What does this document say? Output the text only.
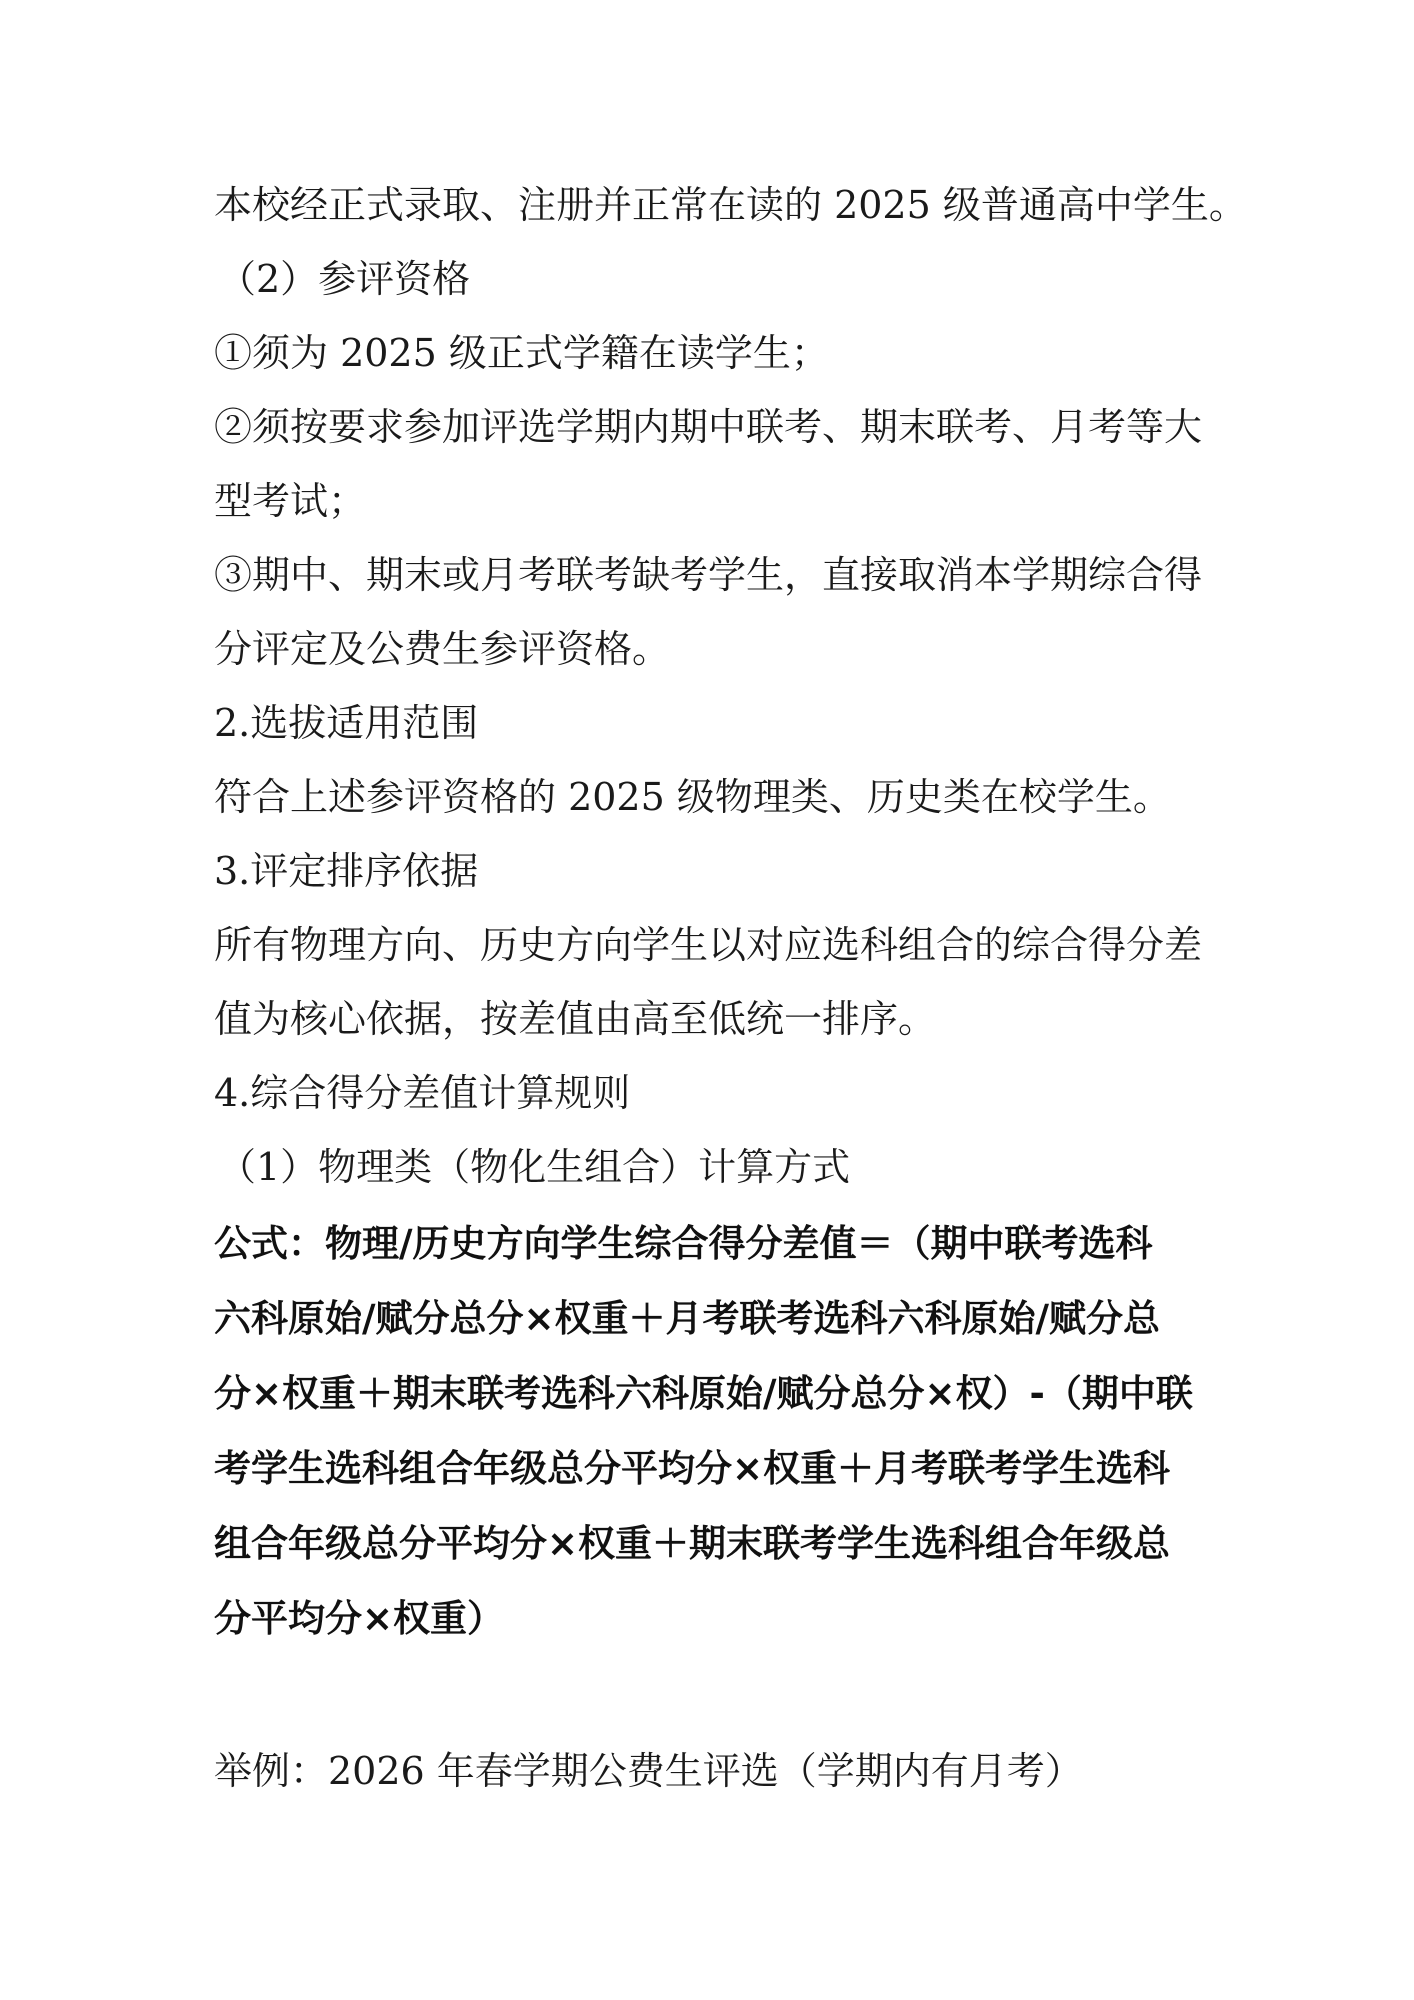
本校经正式录取、注册并正常在读的 2025 级普通高中学生。
（2）参评资格
①须为 2025 级正式学籍在读学生；
②须按要求参加评选学期内期中联考、期末联考、月考等大
型考试；
③期中、期末或月考联考缺考学生，直接取消本学期综合得
分评定及公费生参评资格。
2.选拔适用范围
符合上述参评资格的 2025 级物理类、历史类在校学生。
3.评定排序依据
所有物理方向、历史方向学生以对应选科组合的综合得分差
值为核心依据，按差值由高至低统一排序。
4.综合得分差值计算规则
（1）物理类（物化生组合）计算方式
公式：物理/历史方向学生综合得分差值＝（期中联考选科
六科原始/赋分总分×权重＋月考联考选科六科原始/赋分总
分×权重＋期末联考选科六科原始/赋分总分×权）-（期中联
考学生选科组合年级总分平均分×权重＋月考联考学生选科
组合年级总分平均分×权重＋期末联考学生选科组合年级总
分平均分×权重）
举例：2026 年春学期公费生评选（学期内有月考）
